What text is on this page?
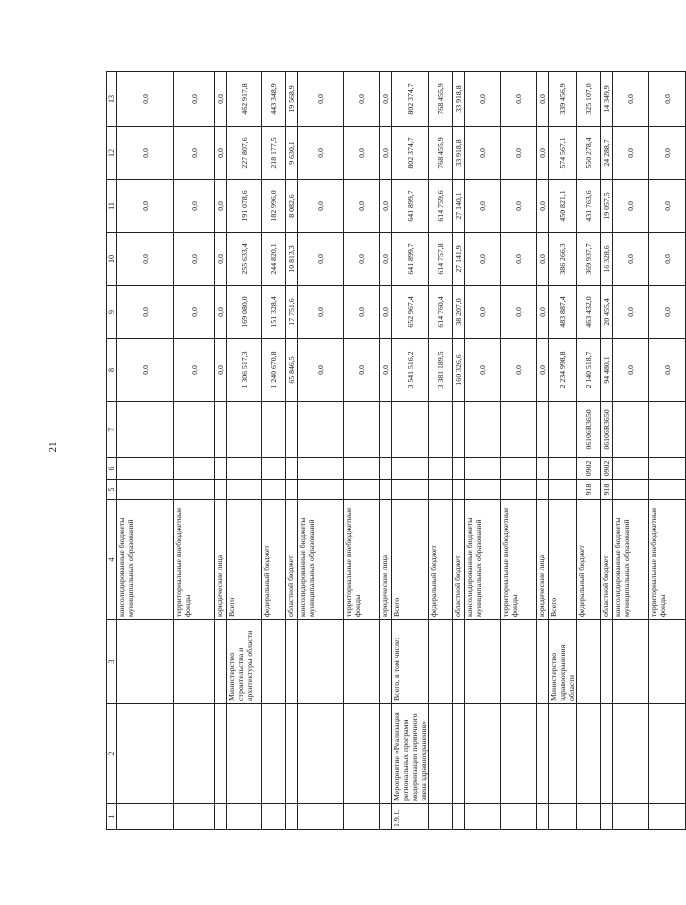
21
1	2	3	4	5	6	7	8	9	10	11	12	13
			консолидированные бюджеты муниципальных образований				0,0	0,0	0,0	0,0	0,0	0,0
			территориальные внебюджетные фонды				0,0	0,0	0,0	0,0	0,0	0,0
			юридические лица				0,0	0,0	0,0	0,0	0,0	0,0
		Министерство строительства и архитектуры области	Всего				1 306 517,3	169 080,0	255 633,4	191 078,6	227 807,6	462 917,8
			федеральный бюджет				1 240 670,8	151 328,4	244 820,1	182 996,0	218 177,5	443 348,9
			областной бюджет				65 846,5	17 751,6	10 813,3	8 082,6	9 630,1	19 568,9
			консолидированные бюджеты муниципальных образований				0,0	0,0	0,0	0,0	0,0	0,0
			территориальные внебюджетные фонды				0,0	0,0	0,0	0,0	0,0	0,0
			юридические лица				0,0	0,0	0,0	0,0	0,0	0,0
1.9.1.	Мероприятие «Реализация региональных программ модернизации первичного звена здравоохранения»	Всего, в том числе:	Всего				3 541 516,2	652 967,4	641 899,7	641 899,7	802 374,7	802 374,7
			федеральный бюджет				3 381 189,5	614 760,4	614 757,8	614 759,6	768 455,9	768 455,9
			областной бюджет				160 326,6	38 207,0	27 141,9	27 140,1	33 918,8	33 918,8
			консолидированные бюджеты муниципальных образований				0,0	0,0	0,0	0,0	0,0	0,0
			территориальные внебюджетные фонды				0,0	0,0	0,0	0,0	0,0	0,0
			юридические лица				0,0	0,0	0,0	0,0	0,0	0,0
		Министерство здравоохранения области	Всего				2 234 998,8	483 887,4	386 266,3	450 821,1	574 567,1	339 456,9
			федеральный бюджет	918	0902	06106R3650	2 140 518,7	463 432,0	369 937,7	431 763,6	550 278,4	325 107,0
			областной бюджет	918	0902	06106R3650	94 480,1	20 455,4	16 328,6	19 057,5	24 288,7	14 349,9
			консолидированные бюджеты муниципальных образований				0,0	0,0	0,0	0,0	0,0	0,0
			территориальные внебюджетные фонды				0,0	0,0	0,0	0,0	0,0	0,0
